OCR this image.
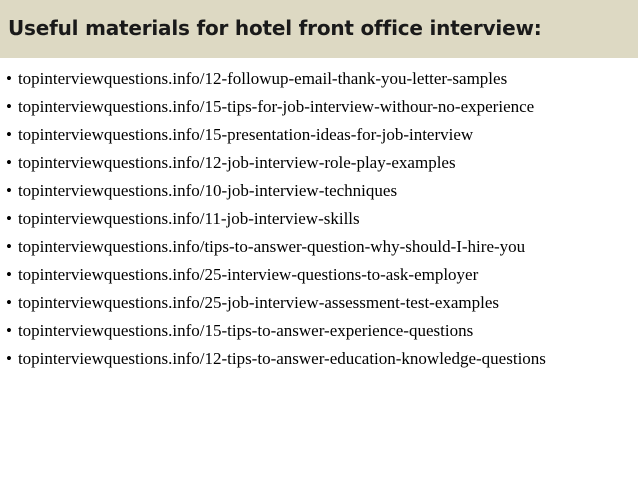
Useful materials for hotel front office interview:
• topinterviewquestions.info/12-followup-email-thank-you-letter-samples
• topinterviewquestions.info/15-tips-for-job-interview-withour-no-experience
• topinterviewquestions.info/15-presentation-ideas-for-job-interview
• topinterviewquestions.info/12-job-interview-role-play-examples
• topinterviewquestions.info/10-job-interview-techniques
• topinterviewquestions.info/11-job-interview-skills
• topinterviewquestions.info/tips-to-answer-question-why-should-I-hire-you
• topinterviewquestions.info/25-interview-questions-to-ask-employer
• topinterviewquestions.info/25-job-interview-assessment-test-examples
• topinterviewquestions.info/15-tips-to-answer-experience-questions
• topinterviewquestions.info/12-tips-to-answer-education-knowledge-questions
